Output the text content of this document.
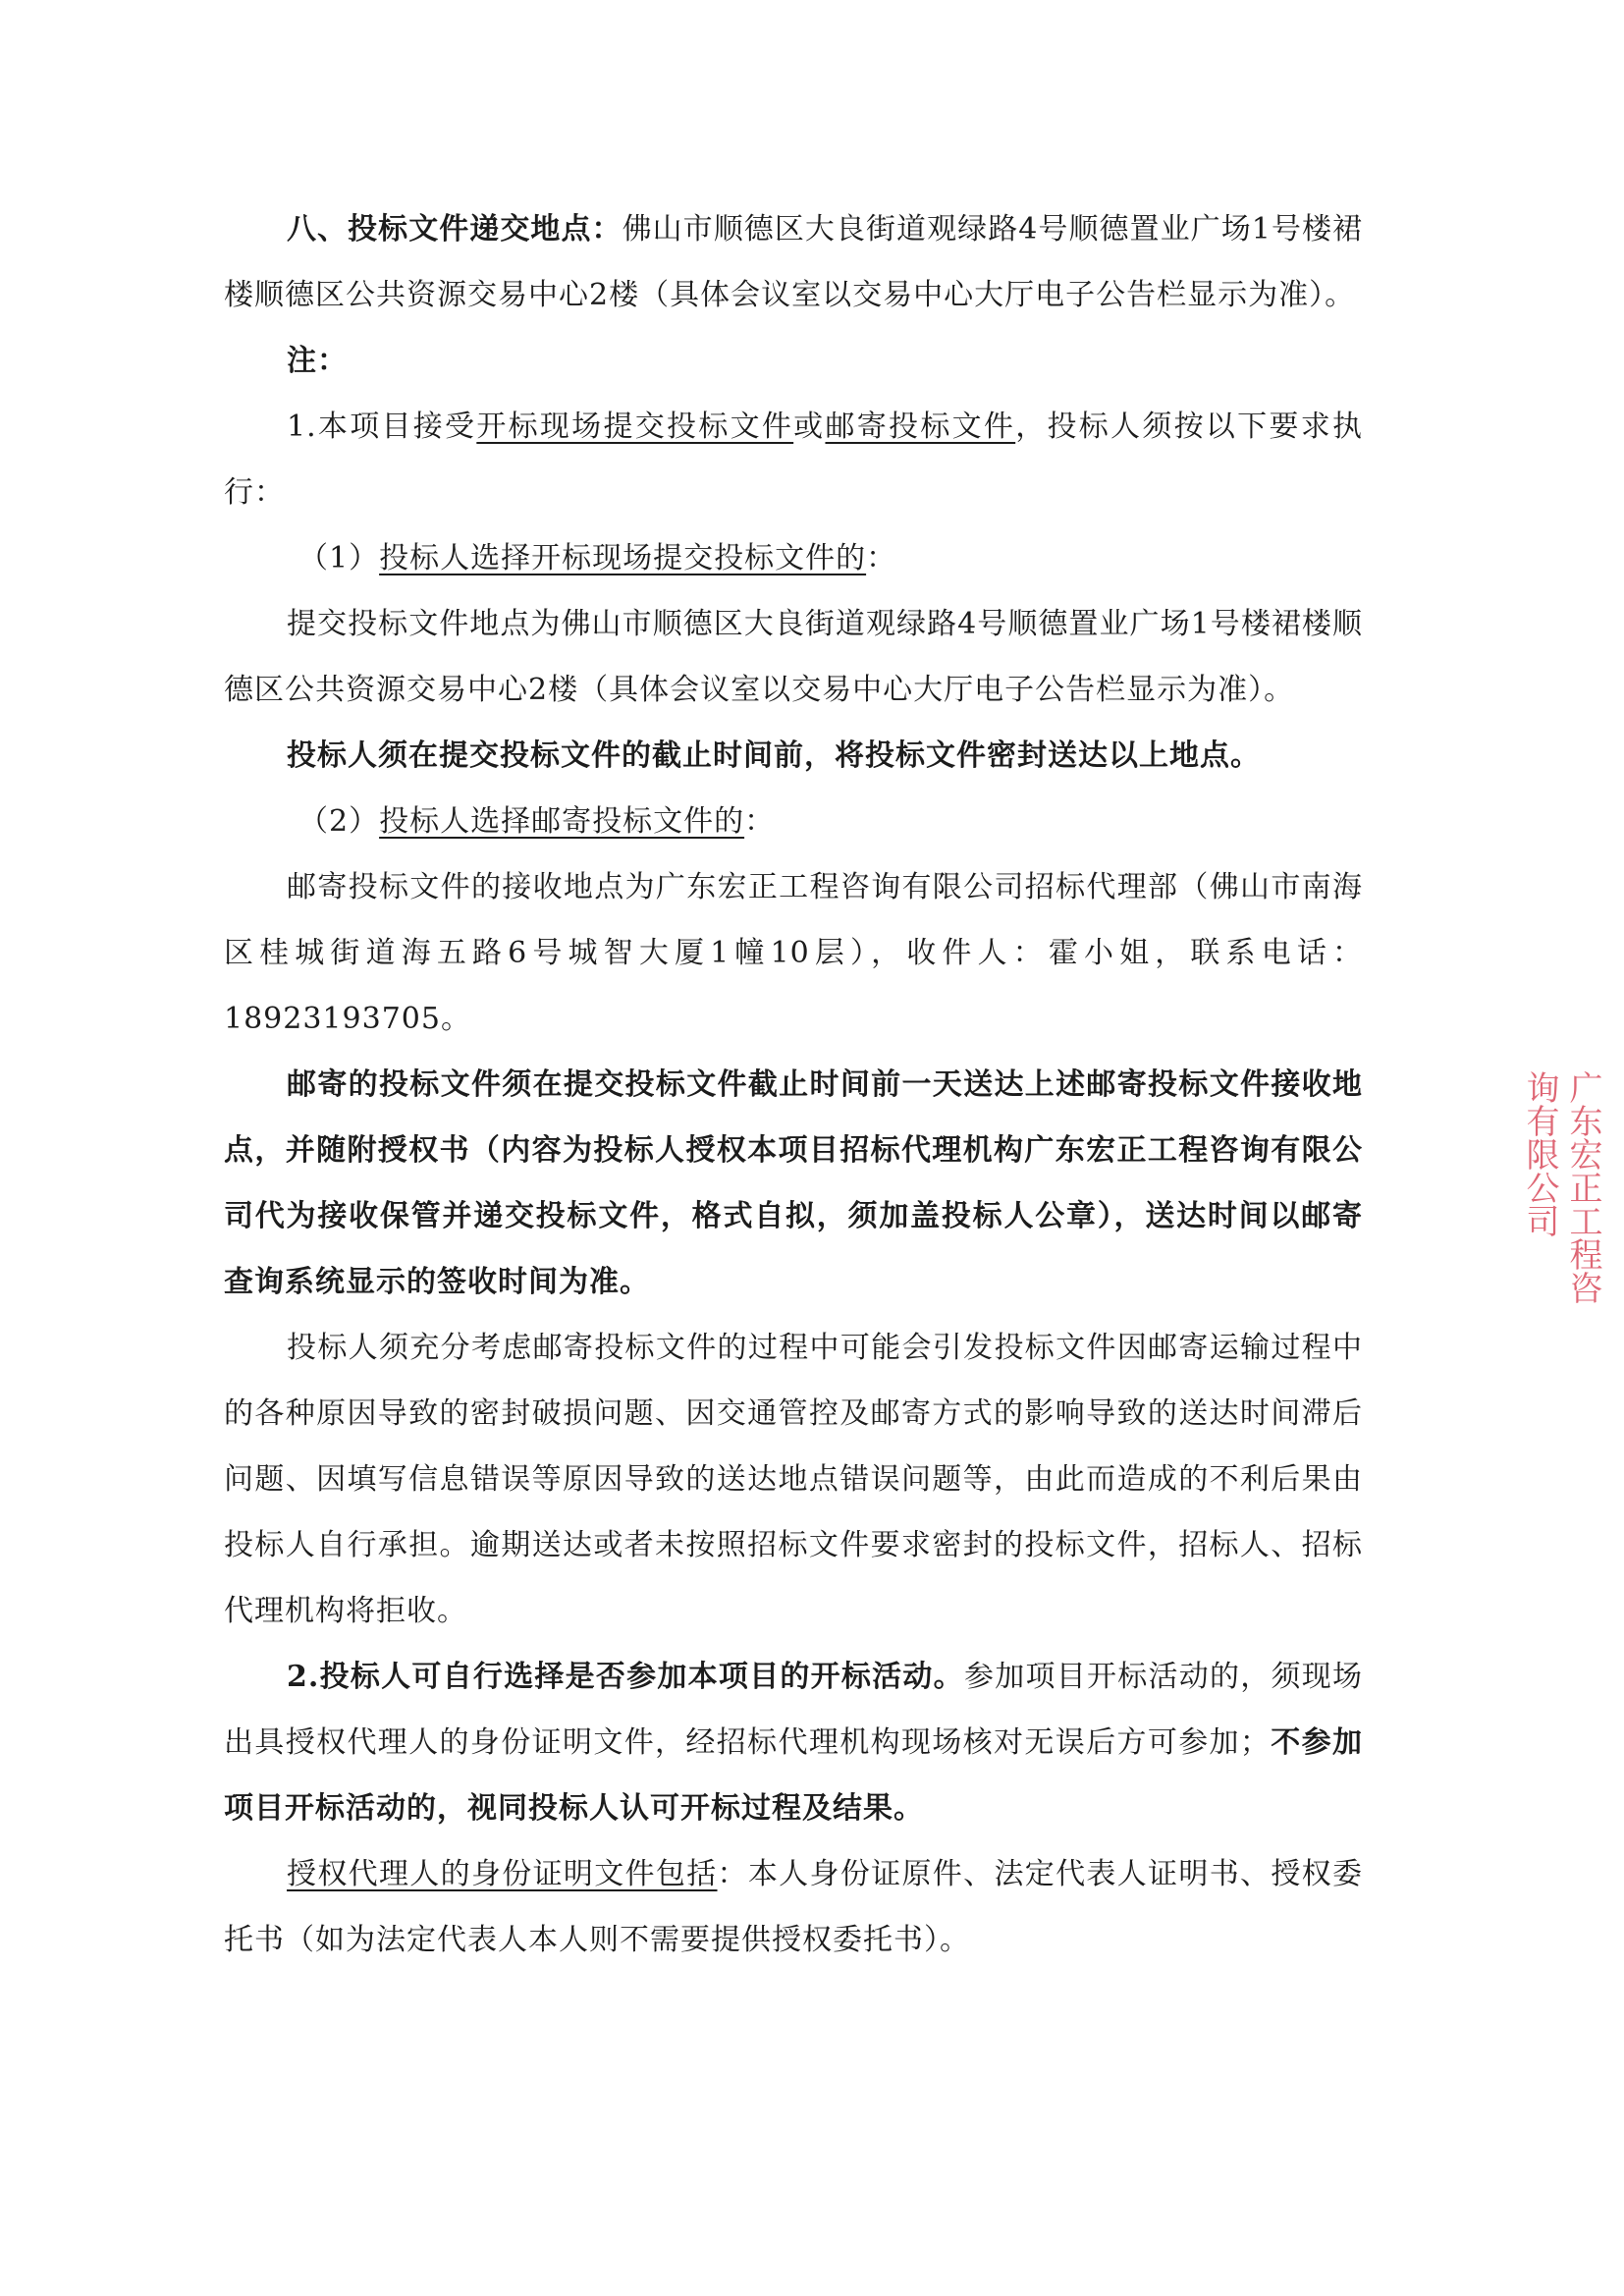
八、投标文件递交地点：佛山市顺德区大良街道观绿路4号顺德置业广场1号楼裙楼顺德区公共资源交易中心2楼（具体会议室以交易中心大厅电子公告栏显示为准）。

注：

1.本项目接受开标现场提交投标文件或邮寄投标文件，投标人须按以下要求执行：

（1）投标人选择开标现场提交投标文件的：

提交投标文件地点为佛山市顺德区大良街道观绿路4号顺德置业广场1号楼裙楼顺德区公共资源交易中心2楼（具体会议室以交易中心大厅电子公告栏显示为准）。

投标人须在提交投标文件的截止时间前，将投标文件密封送达以上地点。

（2）投标人选择邮寄投标文件的：

邮寄投标文件的接收地点为广东宏正工程咨询有限公司招标代理部（佛山市南海区桂城街道海五路6号城智大厦1幢10层），收件人：霍小姐，联系电话：18923193705。

邮寄的投标文件须在提交投标文件截止时间前一天送达上述邮寄投标文件接收地点，并随附授权书（内容为投标人授权本项目招标代理机构广东宏正工程咨询有限公司代为接收保管并递交投标文件，格式自拟，须加盖投标人公章），送达时间以邮寄查询系统显示的签收时间为准。

投标人须充分考虑邮寄投标文件的过程中可能会引发投标文件因邮寄运输过程中的各种原因导致的密封破损问题、因交通管控及邮寄方式的影响导致的送达时间滞后问题、因填写信息错误等原因导致的送达地点错误问题等，由此而造成的不利后果由投标人自行承担。逾期送达或者未按照招标文件要求密封的投标文件，招标人、招标代理机构将拒收。

2.投标人可自行选择是否参加本项目的开标活动。参加项目开标活动的，须现场出具授权代理人的身份证明文件，经招标代理机构现场核对无误后方可参加；不参加项目开标活动的，视同投标人认可开标过程及结果。

授权代理人的身份证明文件包括：本人身份证原件、法定代表人证明书、授权委托书（如为法定代表人本人则不需要提供授权委托书）。

广东宏正工程咨询有限公司
